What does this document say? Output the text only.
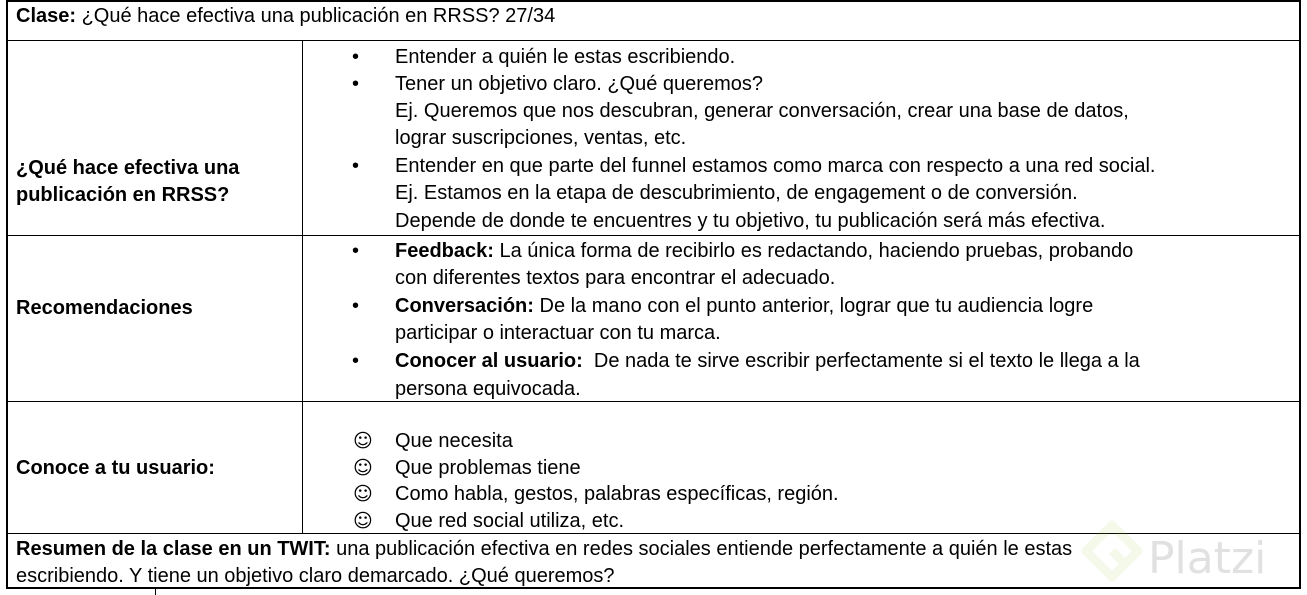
Clase: ¿Qué hace efectiva una publicación en RRSS? 27/34
¿Qué hace efectiva una
publicación en RRSS?
• Entender a quién le estas escribiendo.
• Tener un objetivo claro. ¿Qué queremos?
Ej. Queremos que nos descubran, generar conversación, crear una base de datos,
lograr suscripciones, ventas, etc.
• Entender en que parte del funnel estamos como marca con respecto a una red social.
Ej. Estamos en la etapa de descubrimiento, de engagement o de conversión.
Depende de donde te encuentres y tu objetivo, tu publicación será más efectiva.
Recomendaciones
• Feedback: La única forma de recibirlo es redactando, haciendo pruebas, probando
con diferentes textos para encontrar el adecuado.
• Conversación: De la mano con el punto anterior, lograr que tu audiencia logre
participar o interactuar con tu marca.
• Conocer al usuario:  De nada te sirve escribir perfectamente si el texto le llega a la
persona equivocada.
Conoce a tu usuario:
☺ Que necesita
☺ Que problemas tiene
☺ Como habla, gestos, palabras específicas, región.
☺ Que red social utiliza, etc.
Resumen de la clase en un TWIT: una publicación efectiva en redes sociales entiende perfectamente a quién le estas
escribiendo. Y tiene un objetivo claro demarcado. ¿Qué queremos?	Platzi
